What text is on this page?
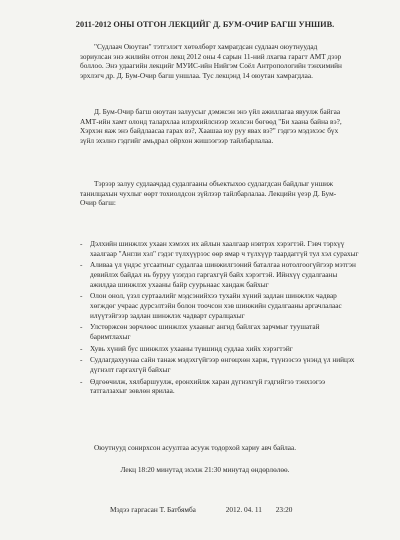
2011-2012 ОНЫ ОТГОН ЛЕКЦИЙГ Д. БУМ-ОЧИР БАГШ УНШИВ.

"Судлаач Оюутан" тэтгэлэгт хөтөлбөрт хамрагдсан судлаач оюутнуудад зориулсан энэ жилийн отгон лекц 2012 оны 4 сарын 11-ний лхагва гарагт АМТ дээр боллоо. Энэ удаагийн лекцийг МУИС-ийн Нийгэм Соёл Антропологийн тэнхимийн эрхлэгч др. Д. Бум-Очир багш уншлаа. Тус лекцэнд 14 оюутан хамрагдлаа.

Д. Бум-Очир багш оюутан залуусыг дэмжсэн энэ үйл ажиллагаа явуулж байгаа АМТ-ийн хамт олонд талархлаа илэрхийлснээр эхэлсэн бөгөөд "Би хаана байна вэ?, Хэрхэн яаж энэ байдлаасаа гарах вэ?, Хаашаа юу руу явах вэ?" гэдгээ мэдэхээс бүх зүйл эхэлнэ гэдгийг амьдрал ойрхон жишээгээр тайлбарлалаа.

Тэрээр залуу судлаачдад судалгааны объектыхоо судлагдсан байдлыг уншиж танилцахын чухлыг өөрт тохиолдсон зүйлээр тайлбарлалаа. Лекцийн үеэр Д. Бум-Очир багш:

- Дэлхийн шинжлэх ухаан хэмээх их айлын хаалгаар нэвтрэх хэрэгтэй. Гэвч тэрхүү хаалгаар "Англи хэл" гэдэг түлхүүрээс өөр ямар ч түлхүүр таардаггүй тул хэл сурахыг
- Аливаа үл үндэс угсаатныг судалгаа шинжилгээний баталгаа нотолгоогүйгээр мэтгэн девийлэх байдал нь буруу үзэгдэл гаргахгүй байх хэрэгтэй. Ийнхүү судалгааны ажилдаа шинжлэх ухааны байр суурьнаас хандаж байхыг
- Олон онол, үзэл суртаалийг мэдсэнийхээ тухайн хүний задлан шинжлэх чадвар хөгждөг учраас дурсэлтэйн болон тоочсон хэв шинжийн судалгааны аргачлалаас илүүтэйгээр задлан шинжлэх чадварт суралцахыг
- Улстөржсөн зөрчлөөс шинжлэх ухааныг ангид байлгаx зарчмыг туушатай баримтлахыг
- Хувь хүний бус шинжлэх ухааны түвшинд судлаа хийх хэрэгтэйг
- Судлагдахуунаа сайн танаж мэдэхгүйгээр өнгөцхөн харж, түүнээсээ үнэнд үл нийцэх дүгнэлт гаргахгүй байхыг
- Өдгөөчилж, хялбаршуулж, еронхийлж харан дүгнэхгүй гэдгийгээ тэнхээгээ татгалзахыг зөвлөн ярилаа.

Оюутнууд сонирхсон асуултаа асууж тодорхой хариу авч байлаа.

Лекц 18:20 минутад эхэлж 21:30 минутад өндөрлөлөө.
Мэдээ гаргасан Т. Батбямба	2012. 04. 11 23:20
